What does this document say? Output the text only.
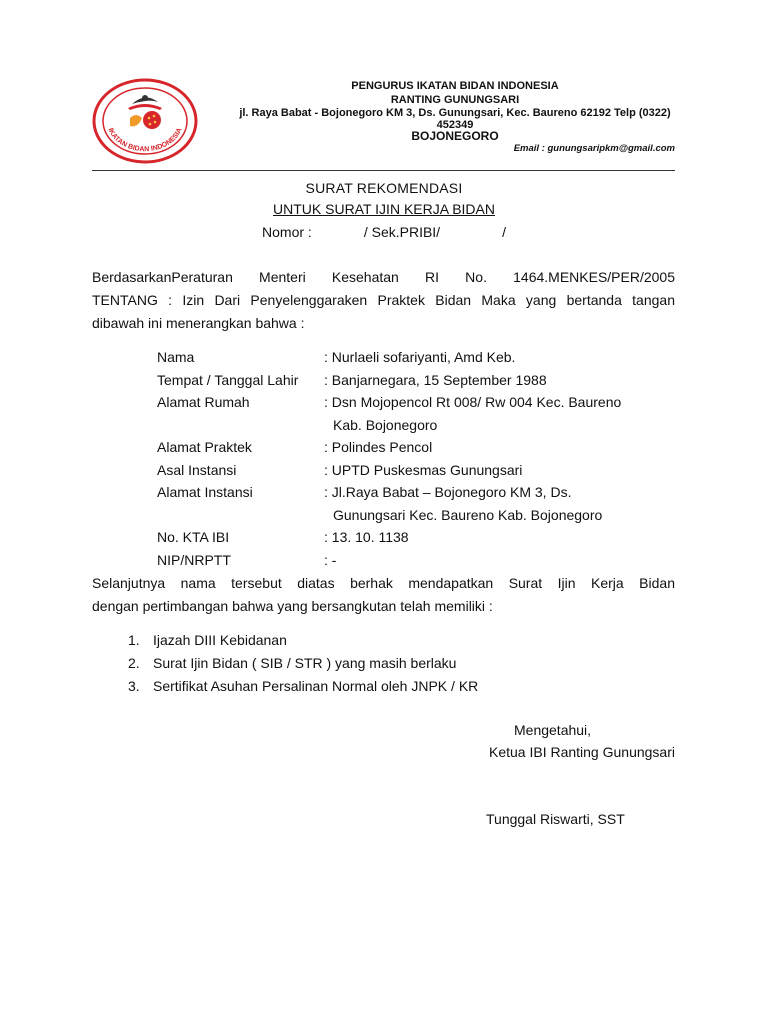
IKATAN BIDAN INDONESIA
PENGURUS IKATAN BIDAN INDONESIA
RANTING GUNUNGSARI
jl. Raya Babat - Bojonegoro KM 3, Ds. Gunungsari, Kec. Baureno 62192 Telp (0322)
452349
BOJONEGORO
Email : gunungsaripkm@gmail.com
SURAT REKOMENDASI
UNTUK SURAT IJIN KERJA BIDAN
Nomor :	/ Sek.PRIBI/	/
BerdasarkanPeraturan Menteri Kesehatan RI No. 1464.MENKES/PER/2005
TENTANG : Izin Dari Penyelenggaraken Praktek Bidan Maka yang bertanda tangan
dibawah ini menerangkan bahwa :
Nama	: Nurlaeli sofariyanti, Amd Keb.
Tempat / Tanggal Lahir	: Banjarnegara, 15 September 1988
Alamat Rumah	: Dsn Mojopencol Rt 008/ Rw 004 Kec. Baureno
Kab. Bojonegoro
Alamat Praktek	: Polindes Pencol
Asal Instansi	: UPTD Puskesmas Gunungsari
Alamat Instansi	: Jl.Raya Babat – Bojonegoro KM 3, Ds.
Gunungsari Kec. Baureno Kab. Bojonegoro
No. KTA IBI	: 13. 10. 1138
NIP/NRPTT	: -
Selanjutnya nama tersebut diatas berhak mendapatkan Surat Ijin Kerja Bidan
dengan pertimbangan bahwa yang bersangkutan telah memiliki :
1. Ijazah DIII Kebidanan
2. Surat Ijin Bidan ( SIB / STR ) yang masih berlaku
3. Sertifikat Asuhan Persalinan Normal oleh JNPK / KR
Mengetahui,
Ketua IBI Ranting Gunungsari
Tunggal Riswarti, SST
